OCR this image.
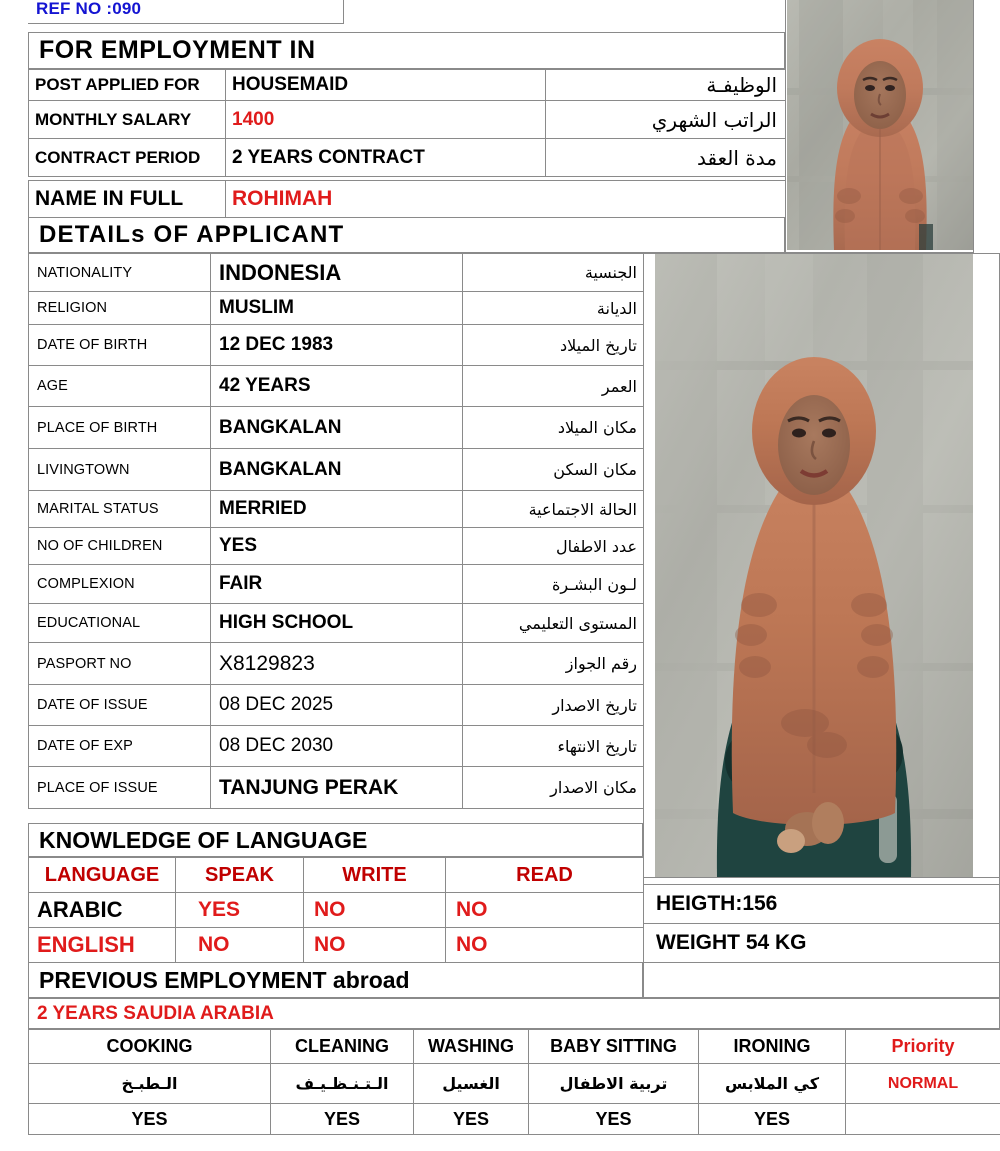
REF NO :090
FOR EMPLOYMENT IN
POST APPLIED FOR	HOUSEMAID	الوظيفـة
MONTHLY SALARY	1400	الراتب الشهري
CONTRACT PERIOD	2 YEARS CONTRACT	مدة العقد
NAME IN FULL	ROHIMAH
DETAILs OF APPLICANT
NATIONALITY	INDONESIA	الجنسية
RELIGION	MUSLIM	الديانة
DATE OF BIRTH	12 DEC 1983	تاريخ الميلاد
AGE	42 YEARS	العمر
PLACE OF BIRTH	BANGKALAN	مكان الميلاد
LIVINGTOWN	BANGKALAN	مكان السكن
MARITAL STATUS	MERRIED	الحالة الاجتماعية
NO OF CHILDREN	YES	عدد الاطفال
COMPLEXION	FAIR	لـون البشـرة
EDUCATIONAL	HIGH SCHOOL	المستوى التعليمي
PASPORT NO	X8129823	رقم الجواز
DATE OF ISSUE	08 DEC 2025	تاريخ الاصدار
DATE OF EXP	08 DEC 2030	تاريخ الانتهاء
PLACE OF ISSUE	TANJUNG PERAK	مكان الاصدار
KNOWLEDGE OF LANGUAGE
LANGUAGE	SPEAK	WRITE	READ
ARABIC	YES	NO	NO
ENGLISH	NO	NO	NO
HEIGTH:156
WEIGHT 54 KG
PREVIOUS EMPLOYMENT abroad
2 YEARS SAUDIA ARABIA
COOKING	CLEANING	WASHING	BABY SITTING	IRONING	Priority
الـطبـخ	الـتـنـظـيـف	الغسيل	تربية الاطفال	كي الملابس	NORMAL
YES	YES	YES	YES	YES	
